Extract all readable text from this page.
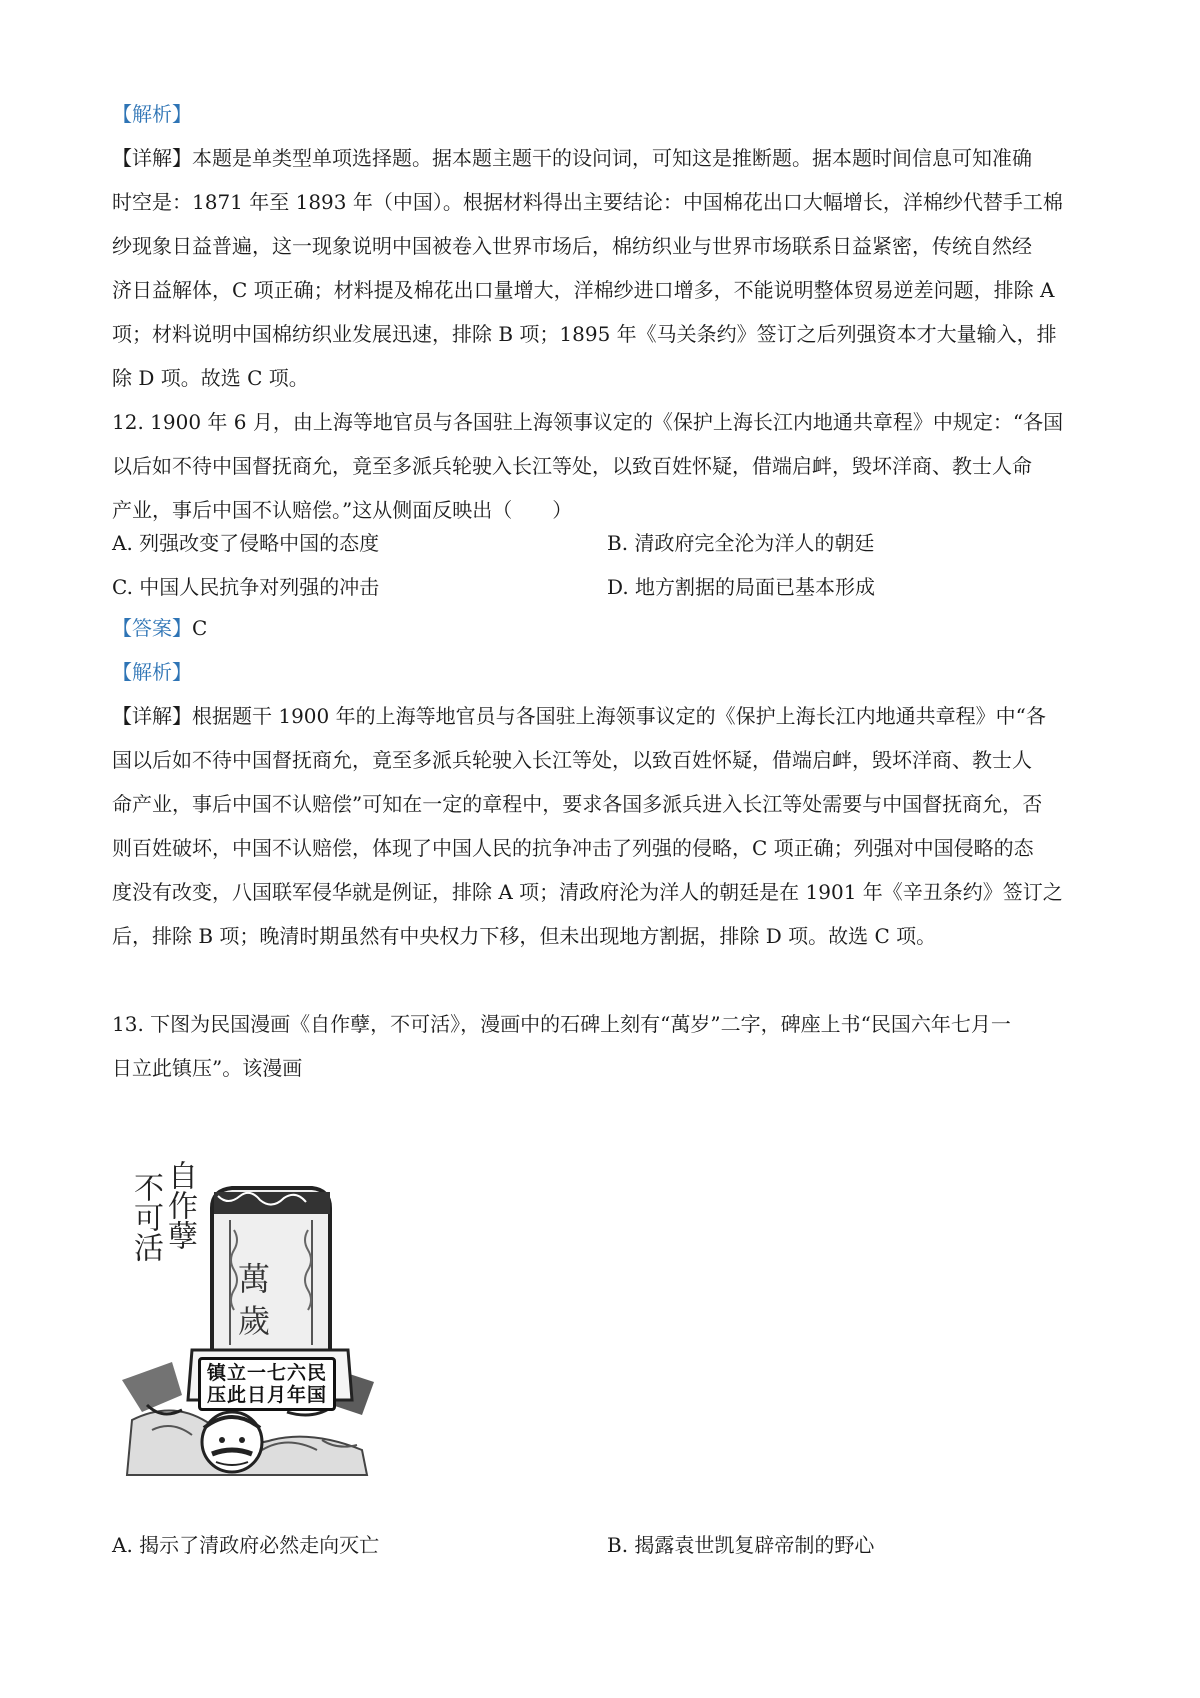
【解析】
【详解】本题是单类型单项选择题。据本题主题干的设问词，可知这是推断题。据本题时间信息可知准确
时空是：1871 年至 1893 年（中国）。根据材料得出主要结论：中国棉花出口大幅增长，洋棉纱代替手工棉
纱现象日益普遍，这一现象说明中国被卷入世界市场后，棉纺织业与世界市场联系日益紧密，传统自然经
济日益解体，C 项正确；材料提及棉花出口量增大，洋棉纱进口增多，不能说明整体贸易逆差问题，排除 A
项；材料说明中国棉纺织业发展迅速，排除 B 项；1895 年《马关条约》签订之后列强资本才大量输入，排
除 D 项。故选 C 项。
12. 1900 年 6 月，由上海等地官员与各国驻上海领事议定的《保护上海长江内地通共章程》中规定：“各国
以后如不待中国督抚商允，竟至多派兵轮驶入长江等处，以致百姓怀疑，借端启衅，毁坏洋商、教士人命
产业，事后中国不认赔偿。”这从侧面反映出（　　）
A. 列强改变了侵略中国的态度	B. 清政府完全沦为洋人的朝廷
C. 中国人民抗争对列强的冲击	D. 地方割据的局面已基本形成
【答案】C
【解析】
【详解】根据题干 1900 年的上海等地官员与各国驻上海领事议定的《保护上海长江内地通共章程》中“各
国以后如不待中国督抚商允，竟至多派兵轮驶入长江等处，以致百姓怀疑，借端启衅，毁坏洋商、教士人
命产业，事后中国不认赔偿”可知在一定的章程中，要求各国多派兵进入长江等处需要与中国督抚商允，否
则百姓破坏，中国不认赔偿，体现了中国人民的抗争冲击了列强的侵略，C 项正确；列强对中国侵略的态
度没有改变，八国联军侵华就是例证，排除 A 项；清政府沦为洋人的朝廷是在 1901 年《辛丑条约》签订之
后，排除 B 项；晚清时期虽然有中央权力下移，但未出现地方割据，排除 D 项。故选 C 项。
13. 下图为民国漫画《自作孽，不可活》，漫画中的石碑上刻有“萬岁”二字，碑座上书“民国六年七月一
日立此镇压”。该漫画
自作孽
不可活
萬
歲
镇立一七六民
压此日月年国
A. 揭示了清政府必然走向灭亡	B. 揭露袁世凯复辟帝制的野心
